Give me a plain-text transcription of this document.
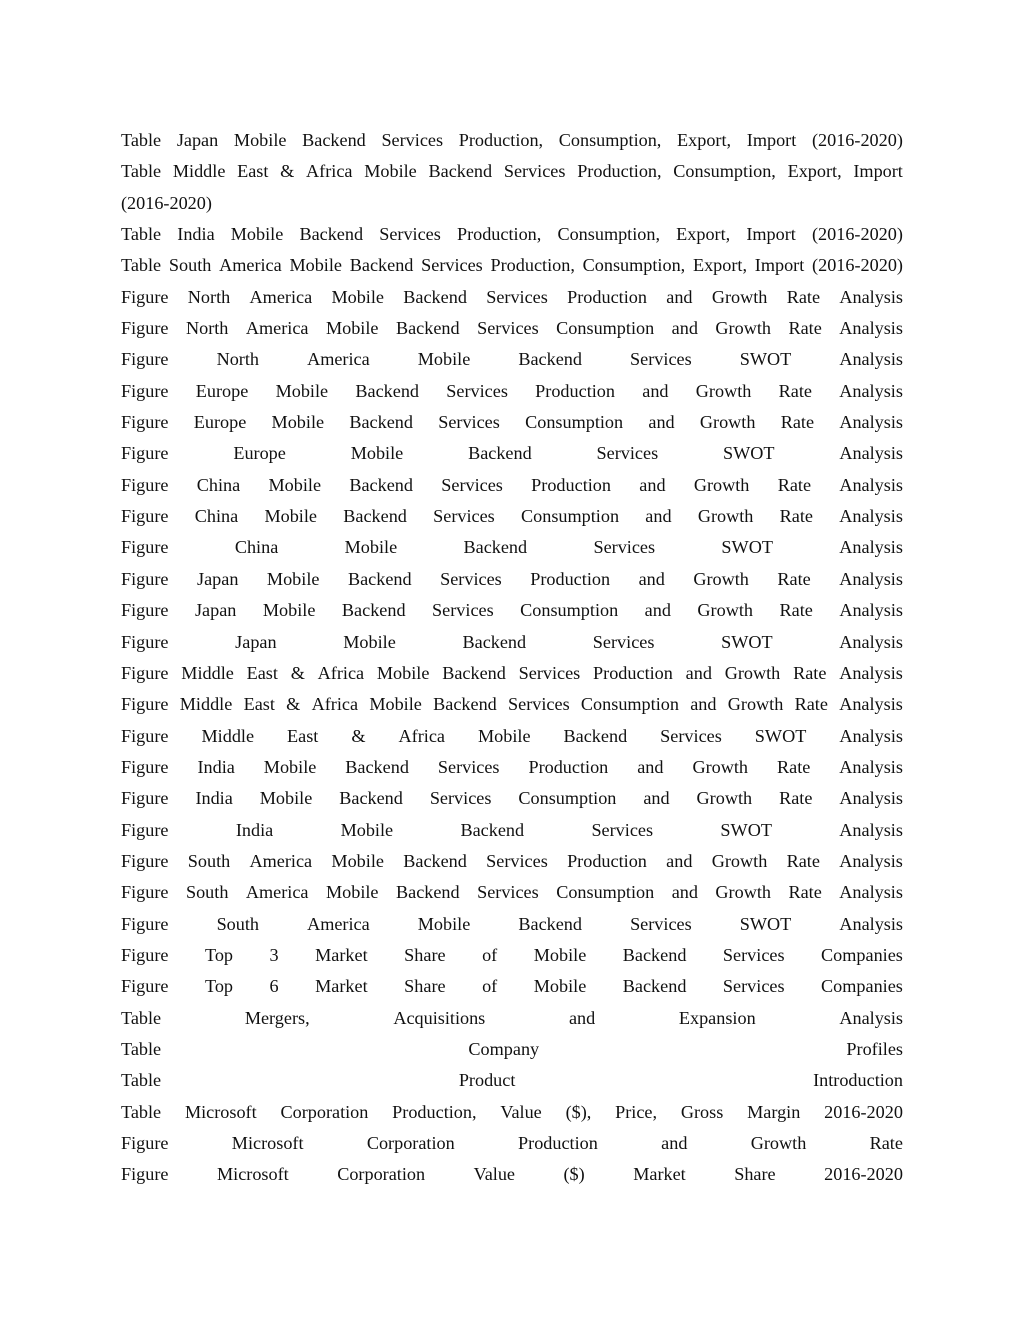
Table Japan Mobile Backend Services Production, Consumption, Export, Import (2016-2020)
Table Middle East & Africa Mobile Backend Services Production, Consumption, Export, Import
(2016-2020)
Table India Mobile Backend Services Production, Consumption, Export, Import (2016-2020)
Table South America Mobile Backend Services Production, Consumption, Export, Import (2016-2020)
Figure North America Mobile Backend Services Production and Growth Rate Analysis
Figure North America Mobile Backend Services Consumption and Growth Rate Analysis
Figure	North	America	Mobile	Backend	Services	SWOT	Analysis
Figure Europe Mobile Backend Services Production and Growth Rate Analysis
Figure Europe Mobile Backend Services Consumption and Growth Rate Analysis
Figure	Europe	Mobile	Backend	Services	SWOT	Analysis
Figure China Mobile Backend Services Production and Growth Rate Analysis
Figure China Mobile Backend Services Consumption and Growth Rate Analysis
Figure	China	Mobile	Backend	Services	SWOT	Analysis
Figure Japan Mobile Backend Services Production and Growth Rate Analysis
Figure Japan Mobile Backend Services Consumption and Growth Rate Analysis
Figure	Japan	Mobile	Backend	Services	SWOT	Analysis
Figure Middle East & Africa Mobile Backend Services Production and Growth Rate Analysis
Figure Middle East & Africa Mobile Backend Services Consumption and Growth Rate Analysis
Figure Middle East & Africa Mobile Backend Services SWOT Analysis
Figure India Mobile Backend Services Production and Growth Rate Analysis
Figure India Mobile Backend Services Consumption and Growth Rate Analysis
Figure	India	Mobile	Backend	Services	SWOT	Analysis
Figure South America Mobile Backend Services Production and Growth Rate Analysis
Figure South America Mobile Backend Services Consumption and Growth Rate Analysis
Figure	South	America	Mobile	Backend	Services	SWOT	Analysis
Figure Top 3 Market Share of Mobile Backend Services Companies
Figure Top 6 Market Share of Mobile Backend Services Companies
Table	Mergers,	Acquisitions	and	Expansion	Analysis
Table	Company	Profiles
Table	Product	Introduction
Table Microsoft Corporation Production, Value ($), Price, Gross Margin 2016-2020
Figure	Microsoft	Corporation	Production	and	Growth	Rate
Figure	Microsoft	Corporation	Value	($)	Market	Share	2016-2020
